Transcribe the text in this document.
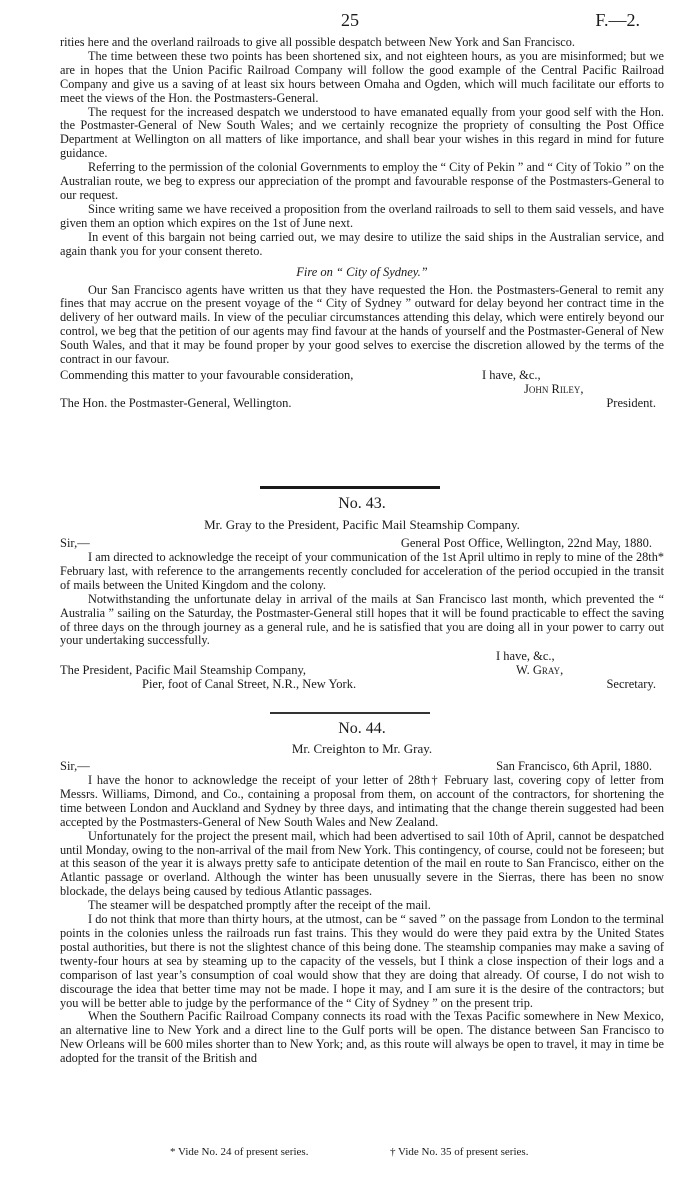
25	F.—2.

rities here and the overland railroads to give all possible despatch between New York and San Francisco.

The time between these two points has been shortened six, and not eighteen hours, as you are misinformed; but we are in hopes that the Union Pacific Railroad Company will follow the good example of the Central Pacific Railroad Company and give us a saving of at least six hours between Omaha and Ogden, which will much facilitate our efforts to meet the views of the Hon. the Postmasters-General.

The request for the increased despatch we understood to have emanated equally from your good self with the Hon. the Postmaster-General of New South Wales; and we certainly recognize the propriety of consulting the Post Office Department at Wellington on all matters of like importance, and shall bear your wishes in this regard in mind for future guidance.

Referring to the permission of the colonial Governments to employ the “ City of Pekin ” and “ City of Tokio ” on the Australian route, we beg to express our appreciation of the prompt and favourable response of the Postmasters-General to our request.

Since writing same we have received a proposition from the overland railroads to sell to them said vessels, and have given them an option which expires on the 1st of June next.

In event of this bargain not being carried out, we may desire to utilize the said ships in the Australian service, and again thank you for your consent thereto.

Fire on “ City of Sydney.”

Our San Francisco agents have written us that they have requested the Hon. the Postmasters-General to remit any fines that may accrue on the present voyage of the “ City of Sydney ” outward for delay beyond her contract time in the delivery of her outward mails. In view of the peculiar circumstances attending this delay, which were entirely beyond our control, we beg that the petition of our agents may find favour at the hands of yourself and the Postmaster-General of New South Wales, and that it may be found proper by your good selves to exercise the discretion allowed by the terms of the contract in our favour.

Commending this matter to your favourable consideration,	I have, &c.,
John Riley,
President.
The Hon. the Postmaster-General, Wellington.
No. 43.
Mr. Gray to the President, Pacific Mail Steamship Company.
Sir,—	General Post Office, Wellington, 22nd May, 1880.

I am directed to acknowledge the receipt of your communication of the 1st April ultimo in reply to mine of the 28th* February last, with reference to the arrangements recently concluded for acceleration of the period occupied in the transit of mails between the United Kingdom and the colony.

Notwithstanding the unfortunate delay in arrival of the mails at San Francisco last month, which prevented the “ Australia ” sailing on the Saturday, the Postmaster-General still hopes that it will be found practicable to effect the saving of three days on the through journey as a general rule, and he is satisfied that you are doing all in your power to carry out your undertaking successfully.

I have, &c.,
W. Gray,
Secretary.
The President, Pacific Mail Steamship Company,
Pier, foot of Canal Street, N.R., New York.
No. 44.
Mr. Creighton to Mr. Gray.
Sir,—	San Francisco, 6th April, 1880.

I have the honor to acknowledge the receipt of your letter of 28th† February last, covering copy of letter from Messrs. Williams, Dimond, and Co., containing a proposal from them, on account of the contractors, for shortening the time between London and Auckland and Sydney by three days, and intimating that the change therein suggested had been accepted by the Postmasters-General of New South Wales and New Zealand.

Unfortunately for the project the present mail, which had been advertised to sail 10th of April, cannot be despatched until Monday, owing to the non-arrival of the mail from New York. This contingency, of course, could not be foreseen; but at this season of the year it is always pretty safe to anticipate detention of the mail en route to San Francisco, either on the Atlantic passage or overland. Although the winter has been unusually severe in the Sierras, there has been no snow blockade, the delays being caused by tedious Atlantic passages.

The steamer will be despatched promptly after the receipt of the mail.

I do not think that more than thirty hours, at the utmost, can be “ saved ” on the passage from London to the terminal points in the colonies unless the railroads run fast trains. This they would do were they paid extra by the United States postal authorities, but there is not the slightest chance of this being done. The steamship companies may make a saving of twenty-four hours at sea by steaming up to the capacity of the vessels, but I think a close inspection of their logs and a comparison of last year’s consumption of coal would show that they are doing that already. Of course, I do not wish to discourage the idea that better time may not be made. I hope it may, and I am sure it is the desire of the contractors; but you will be better able to judge by the performance of the “ City of Sydney ” on the present trip.

When the Southern Pacific Railroad Company connects its road with the Texas Pacific somewhere in New Mexico, an alternative line to New York and a direct line to the Gulf ports will be open. The distance between San Francisco to New Orleans will be 600 miles shorter than to New York; and, as this route will always be open to travel, it may in time be adopted for the transit of the British and

* Vide No. 24 of present series.	† Vide No. 35 of present series.
